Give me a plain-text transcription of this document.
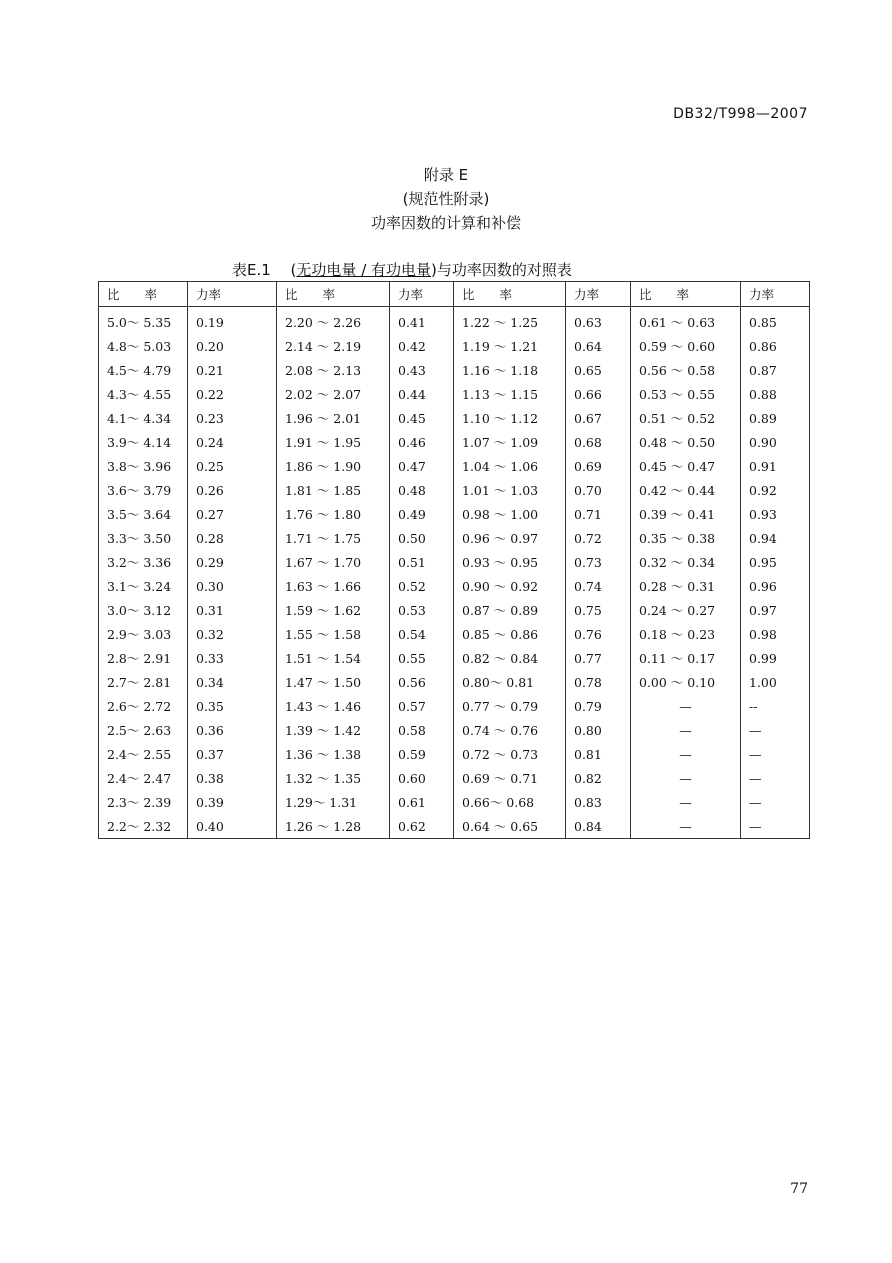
DB32/T998—2007
附录 E
(规范性附录)
功率因数的计算和补偿
表E.1　 (无功电量 / 有功电量)与功率因数的对照表
比　　率	力率	比　　率	力率	比　　率	力率	比　　率	力率
5.0～ 5.35	0.19	2.20 ～ 2.26	0.41	1.22 ～ 1.25	0.63	0.61 ～ 0.63	0.85
4.8～ 5.03	0.20	2.14 ～ 2.19	0.42	1.19 ～ 1.21	0.64	0.59 ～ 0.60	0.86
4.5～ 4.79	0.21	2.08 ～ 2.13	0.43	1.16 ～ 1.18	0.65	0.56 ～ 0.58	0.87
4.3～ 4.55	0.22	2.02 ～ 2.07	0.44	1.13 ～ 1.15	0.66	0.53 ～ 0.55	0.88
4.1～ 4.34	0.23	1.96 ～ 2.01	0.45	1.10 ～ 1.12	0.67	0.51 ～ 0.52	0.89
3.9～ 4.14	0.24	1.91 ～ 1.95	0.46	1.07 ～ 1.09	0.68	0.48 ～ 0.50	0.90
3.8～ 3.96	0.25	1.86 ～ 1.90	0.47	1.04 ～ 1.06	0.69	0.45 ～ 0.47	0.91
3.6～ 3.79	0.26	1.81 ～ 1.85	0.48	1.01 ～ 1.03	0.70	0.42 ～ 0.44	0.92
3.5～ 3.64	0.27	1.76 ～ 1.80	0.49	0.98 ～ 1.00	0.71	0.39 ～ 0.41	0.93
3.3～ 3.50	0.28	1.71 ～ 1.75	0.50	0.96 ～ 0.97	0.72	0.35 ～ 0.38	0.94
3.2～ 3.36	0.29	1.67 ～ 1.70	0.51	0.93 ～ 0.95	0.73	0.32 ～ 0.34	0.95
3.1～ 3.24	0.30	1.63 ～ 1.66	0.52	0.90 ～ 0.92	0.74	0.28 ～ 0.31	0.96
3.0～ 3.12	0.31	1.59 ～ 1.62	0.53	0.87 ～ 0.89	0.75	0.24 ～ 0.27	0.97
2.9～ 3.03	0.32	1.55 ～ 1.58	0.54	0.85 ～ 0.86	0.76	0.18 ～ 0.23	0.98
2.8～ 2.91	0.33	1.51 ～ 1.54	0.55	0.82 ～ 0.84	0.77	0.11 ～ 0.17	0.99
2.7～ 2.81	0.34	1.47 ～ 1.50	0.56	0.80～ 0.81	0.78	0.00 ～ 0.10	1.00
2.6～ 2.72	0.35	1.43 ～ 1.46	0.57	0.77 ～ 0.79	0.79	—	--
2.5～ 2.63	0.36	1.39 ～ 1.42	0.58	0.74 ～ 0.76	0.80	—	—
2.4～ 2.55	0.37	1.36 ～ 1.38	0.59	0.72 ～ 0.73	0.81	—	—
2.4～ 2.47	0.38	1.32 ～ 1.35	0.60	0.69 ～ 0.71	0.82	—	—
2.3～ 2.39	0.39	1.29～ 1.31	0.61	0.66～ 0.68	0.83	—	—
2.2～ 2.32	0.40	1.26 ～ 1.28	0.62	0.64 ～ 0.65	0.84	—	—
77
